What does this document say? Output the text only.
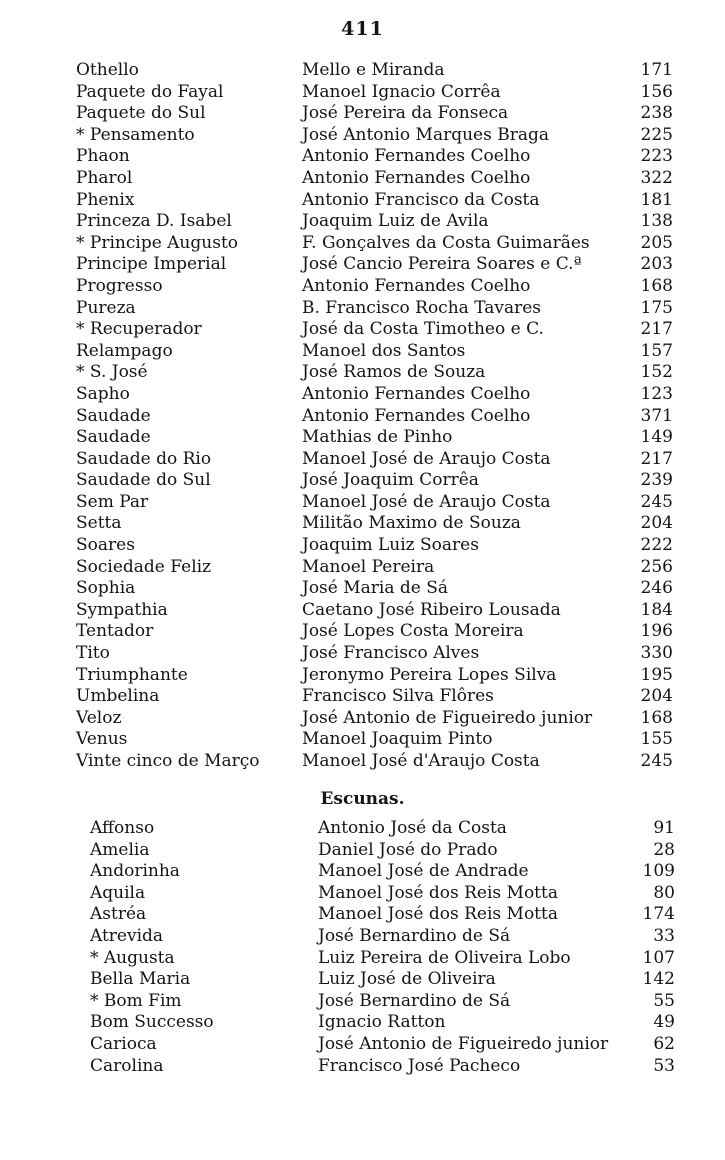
411
Othello	Mello e Miranda	171
Paquete do Fayal	Manoel Ignacio Corrêa	156
Paquete do Sul	José Pereira da Fonseca	238
* Pensamento	José Antonio Marques Braga	225
Phaon	Antonio Fernandes Coelho	223
Pharol	Antonio Fernandes Coelho	322
Phenix	Antonio Francisco da Costa	181
Princeza D. Isabel	Joaquim Luiz de Avila	138
* Principe Augusto	F. Gonçalves da Costa Guimarães	205
Principe Imperial	José Cancio Pereira Soares e C.ª	203
Progresso	Antonio Fernandes Coelho	168
Pureza	B. Francisco Rocha Tavares	175
* Recuperador	José da Costa Timotheo e C.	217
Relampago	Manoel dos Santos	157
* S. José	José Ramos de Souza	152
Sapho	Antonio Fernandes Coelho	123
Saudade	Antonio Fernandes Coelho	371
Saudade	Mathias de Pinho	149
Saudade do Rio	Manoel José de Araujo Costa	217
Saudade do Sul	José Joaquim Corrêa	239
Sem Par	Manoel José de Araujo Costa	245
Setta	Militão Maximo de Souza	204
Soares	Joaquim Luiz Soares	222
Sociedade Feliz	Manoel Pereira	256
Sophia	José Maria de Sá	246
Sympathia	Caetano José Ribeiro Lousada	184
Tentador	José Lopes Costa Moreira	196
Tito	José Francisco Alves	330
Triumphante	Jeronymo Pereira Lopes Silva	195
Umbelina	Francisco Silva Flôres	204
Veloz	José Antonio de Figueiredo junior	168
Venus	Manoel Joaquim Pinto	155
Vinte cinco de Março	Manoel José d'Araujo Costa	245
Escunas.
Affonso	Antonio José da Costa	91
Amelia	Daniel José do Prado	28
Andorinha	Manoel José de Andrade	109
Aquila	Manoel José dos Reis Motta	80
Astréa	Manoel José dos Reis Motta	174
Atrevida	José Bernardino de Sá	33
* Augusta	Luiz Pereira de Oliveira Lobo	107
Bella Maria	Luiz José de Oliveira	142
* Bom Fim	José Bernardino de Sá	55
Bom Successo	Ignacio Ratton	49
Carioca	José Antonio de Figueiredo junior	62
Carolina	Francisco José Pacheco	53
